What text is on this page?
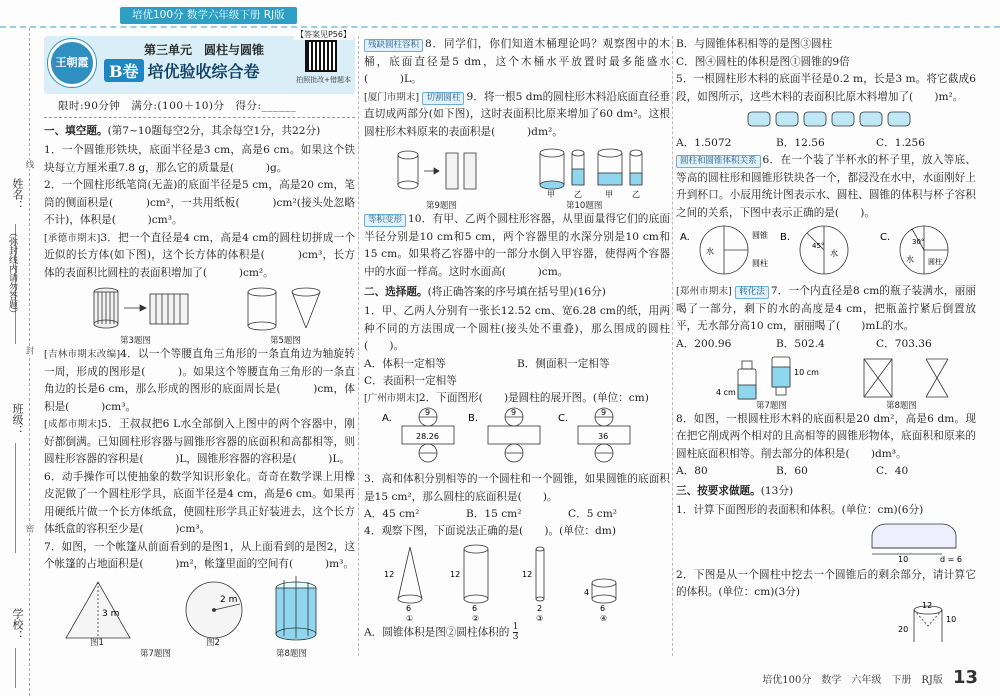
培优100分 数学六年级下册 RJ版
姓名：
（弥封线内请勿答题）
班级：
学校：
线
封
密
【答案见P56】
王朝霞
第三单元　圆柱与圆锥
B卷 培优验收综合卷	拍照批改+错题本
限时:90分钟　满分:(100＋10)分　得分:______
一、填空题。(第7~10题每空2分，其余每空1分，共22分)
1．一个圆锥形铁块，底面半径是3 cm，高是6 cm。如果这个铁块每立方厘米重7.8 g，那么它的质量是(　　　)g。
2．一个圆柱形纸笔筒(无盖)的底面半径是5 cm，高是20 cm，笔筒的侧面积是(　　　)cm²，一共用纸板(　　　)cm²(接头处忽略不计)，体积是(　　　)cm³。
[承德市期末]3．把一个直径是4 cm，高是4 cm的圆柱切拼成一个近似的长方体(如下图)，这个长方体的体积是(　　　)cm³，长方体的表面积比圆柱的表面积增加了(　　　)cm²。
第3题图	第5题图
[吉林市期末改编]4．以一个等腰直角三角形的一条直角边为轴旋转一周，形成的图形是(　　　)。如果这个等腰直角三角形的一条直角边的长是6 cm，那么形成的图形的底面周长是(　　　)cm，体积是(　　　)cm³。
[成都市期末]5．王叔叔把6 L水全部倒入上图中的两个容器中，刚好都倒满。已知圆柱形容器与圆锥形容器的底面积和高都相等，则圆柱形容器的容积是(　　　)L，圆锥形容器的容积是(　　　)L。
6．动手操作可以使抽象的数学知识形象化。奇奇在数学课上用橡皮泥做了一个圆柱形学具，底面半径是4 cm，高是6 cm。如果再用硬纸片做一个长方体纸盒，使圆柱形学具正好装进去，这个长方体纸盒的容积至少是(　　　)cm³。
7．如图，一个帐篷从前面看到的是图1，从上面看到的是图2，这个帐篷的占地面积是(　　　)m²，帐篷里面的空间有(　　　)m³。
3 m
2 m
图1	图2
第7题图	第8题图
残缺圆柱容积 8．同学们，你们知道木桶理论吗？观察图中的木桶，底面直径是5 dm，这个木桶水平放置时最多能盛水(　　　)L。
[厦门市期末] 切割圆柱 9．将一根5 dm的圆柱形木料沿底面直径垂直切成两部分(如下图)，这时表面积比原来增加了60 dm²。这根圆柱形木料原来的表面积是(　　　)dm²。
甲 乙	甲 乙
第9题图	第10题图
等积变形 10．有甲、乙两个圆柱形容器，从里面量得它们的底面半径分别是10 cm和5 cm，两个容器里的水深分别是10 cm和15 cm。如果将乙容器中的一部分水倒入甲容器，使得两个容器中的水面一样高。这时水面高(　　　)cm。
二、选择题。(将正确答案的序号填在括号里)(16分)
1．甲、乙两人分别有一张长12.52 cm、宽6.28 cm的纸，用两种不同的方法围成一个圆柱(接头处不重叠)，那么围成的圆柱(　　)。
A．体积一定相等	B．侧面积一定相等
C．表面积一定相等
[广州市期末]2．下面图形(　　)是圆柱的展开图。(单位：cm)
A.	B.	C.
9
28.26
9	9
36
3．高和体积分别相等的一个圆柱和一个圆锥，如果圆锥的底面积是15 cm²，那么圆柱的底面积是(　　)。
A．45 cm²	B．15 cm²	C．5 cm²
4．观察下图，下面说法正确的是(　　)。(单位：dm)
12
6
12
6
12
2
4
6
①	②	③	④
A．圆锥体积是图②圆柱体积的 $\frac{1}{3}$
B．与圆锥体积相等的是图③圆柱
C．图④圆柱的体积是图①圆锥的9倍
5．一根圆柱形木料的底面半径是0.2 m，长是3 m。将它截成6段，如图所示，这些木料的表面积比原木料增加了(　　)m²。
A．1.5072	B．12.56	C．1.256
圆柱和圆锥体积关系 6．在一个装了半杯水的杯子里，放入等底、等高的圆柱形和圆锥形铁块各一个，都浸没在水中，水面刚好上升到杯口。小辰用统计图表示水、圆柱、圆锥的体积与杯子容积之间的关系，下图中表示正确的是(　　)。
A.	B.	C.
圆锥
水
圆柱
45°
水
30°
水 圆柱
[郑州市期末] 转化法 7．一个内直径是8 cm的瓶子装满水，丽丽喝了一部分，剩下的水的高度是4 cm，把瓶盖拧紧后倒置放平，无水部分高10 cm，丽丽喝了(　　)mL的水。
A．200.96	B．502.4	C．703.36
4 cm
10 cm
第7题图	第8题图
8．如图，一根圆柱形木料的底面积是20 dm²，高是6 dm。现在把它削成两个相对的且高相等的圆锥形物体，底面积和原来的圆柱底面积相等。削去部分的体积是(　　)dm³。
A．80	B．60	C．40
三、按要求做题。(13分)
1．计算下面图形的表面积和体积。(单位：cm)(6分)
10	d = 6
2．下图是从一个圆柱中挖去一个圆锥后的剩余部分，请计算它的体积。(单位：cm)(3分)
12
20
10
培优100分　数学　六年级　下册　RJ版 13
